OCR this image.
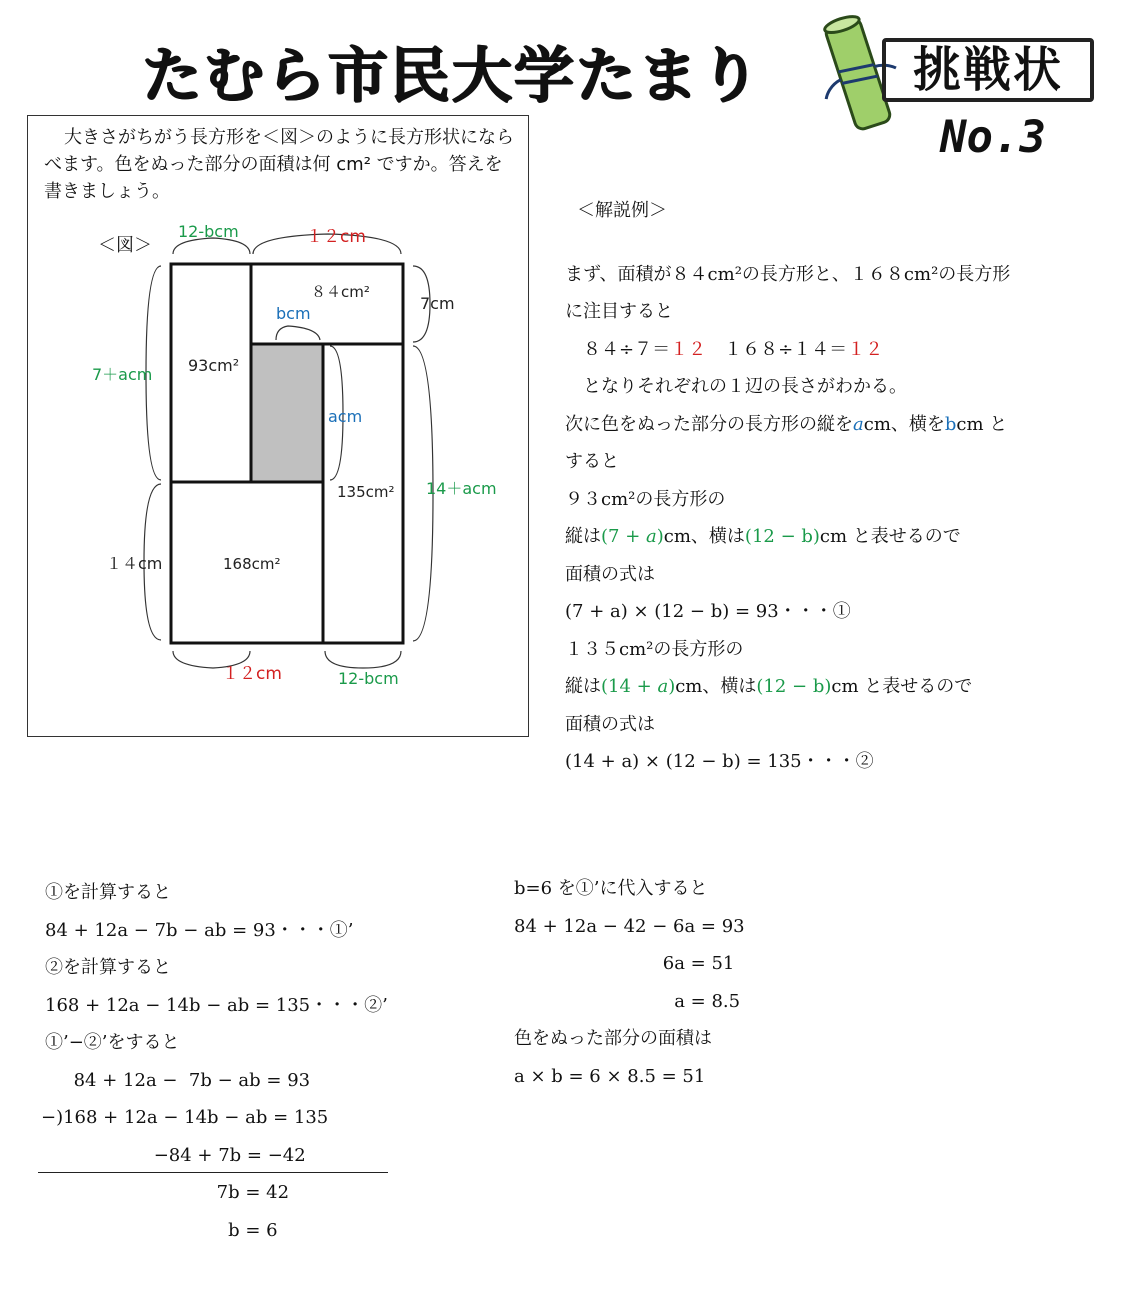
たむら市民大学たまり	挑戦状
No.3
大きさがちがう長方形を＜図＞のように長方形状にならべます。色をぬった部分の面積は何 cm² ですか。答えを書きましょう。
＜図＞
12-bcm	１２cm
８４cm²
7cm
bcm
7＋acm 93cm²
acm
14＋acm
135cm²
１４cm	168cm²
１２cm	12-bcm

＜解説例＞

まず、面積が８４cm²の長方形と、１６８cm²の長方形

に注目すると

　８４÷７＝１２　１６８÷１４＝１２

　となりそれぞれの１辺の長さがわかる。

次に色をぬった部分の長方形の縦をacm、横をbcm と

すると

９３cm²の長方形の

縦は(7 + a)cm、横は(12 − b)cm と表せるので

面積の式は

(7 + a) × (12 − b) = 93・・・①

１３５cm²の長方形の

縦は(14 + a)cm、横は(12 − b)cm と表せるので

面積の式は

(14 + a) × (12 − b) = 135・・・②

①を計算すると

84 + 12a − 7b − ab = 93・・・①’

②を計算すると

168 + 12a − 14b − ab = 135・・・②’

①’−②’をすると

84 + 12a −  7b − ab = 93

−)168 + 12a − 14b − ab = 135

−84 + 7b = −42

7b = 42

b = 6

b=6 を①’に代入すると

84 + 12a − 42 − 6a = 93

6a = 51

a = 8.5

色をぬった部分の面積は

a × b = 6 × 8.5 = 51
